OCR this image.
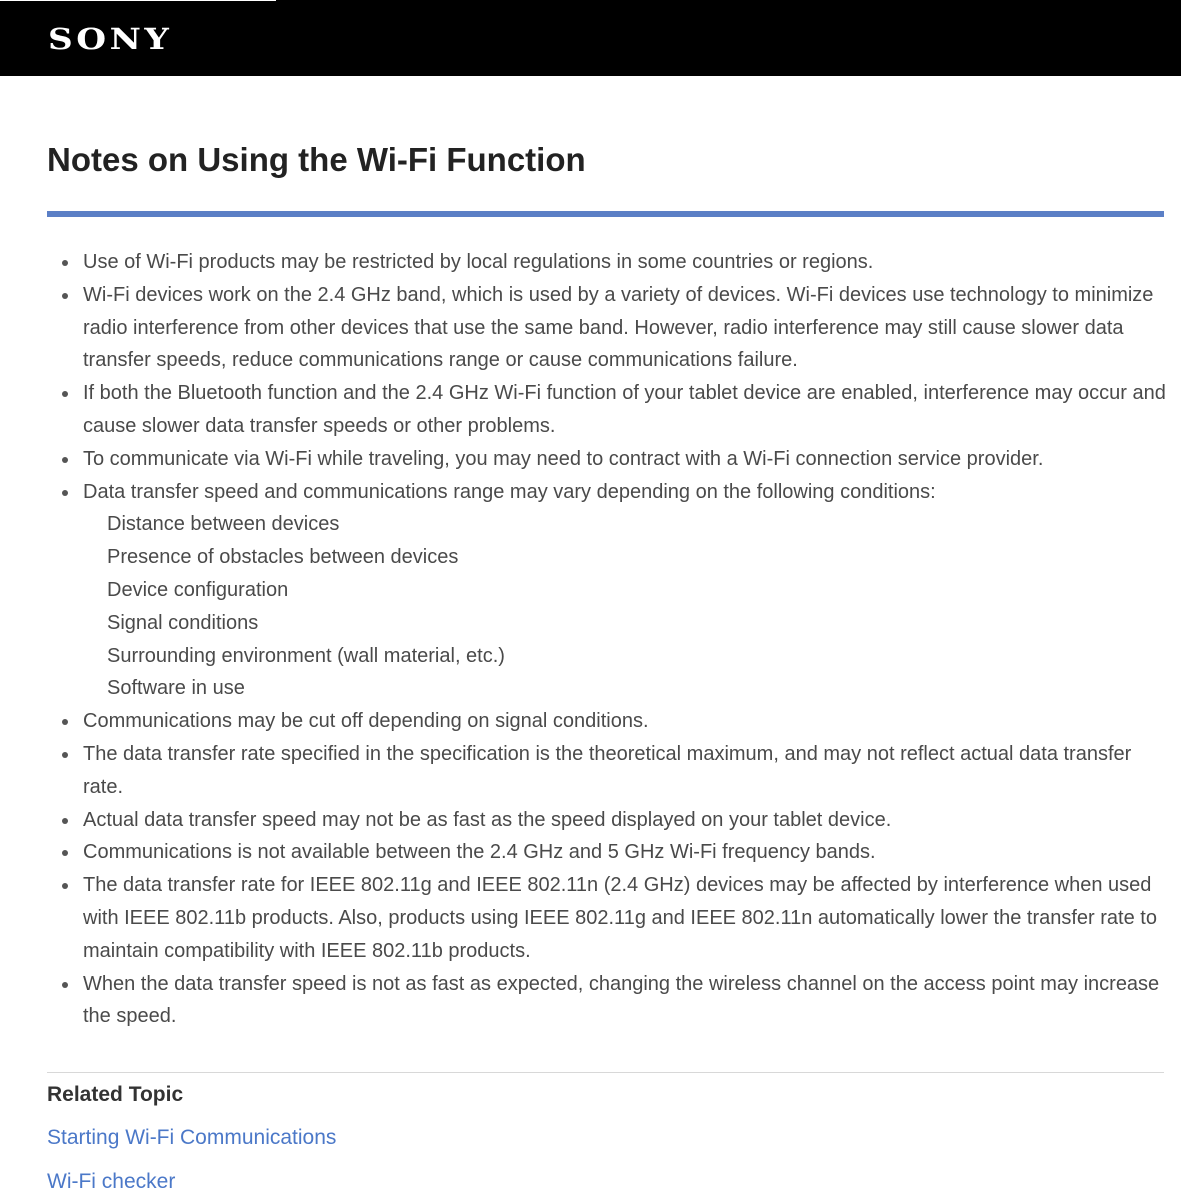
SONY
Notes on Using the Wi-Fi Function
Use of Wi-Fi products may be restricted by local regulations in some countries or regions.
Wi-Fi devices work on the 2.4 GHz band, which is used by a variety of devices. Wi-Fi devices use technology to minimize radio interference from other devices that use the same band. However, radio interference may still cause slower data transfer speeds, reduce communications range or cause communications failure.
If both the Bluetooth function and the 2.4 GHz Wi-Fi function of your tablet device are enabled, interference may occur and cause slower data transfer speeds or other problems.
To communicate via Wi-Fi while traveling, you may need to contract with a Wi-Fi connection service provider.
Data transfer speed and communications range may vary depending on the following conditions:
Distance between devices
Presence of obstacles between devices
Device configuration
Signal conditions
Surrounding environment (wall material, etc.)
Software in use
Communications may be cut off depending on signal conditions.
The data transfer rate specified in the specification is the theoretical maximum, and may not reflect actual data transfer rate.
Actual data transfer speed may not be as fast as the speed displayed on your tablet device.
Communications is not available between the 2.4 GHz and 5 GHz Wi-Fi frequency bands.
The data transfer rate for IEEE 802.11g and IEEE 802.11n (2.4 GHz) devices may be affected by interference when used with IEEE 802.11b products. Also, products using IEEE 802.11g and IEEE 802.11n automatically lower the transfer rate to maintain compatibility with IEEE 802.11b products.
When the data transfer speed is not as fast as expected, changing the wireless channel on the access point may increase the speed.
Related Topic
Starting Wi-Fi Communications
Wi-Fi checker
